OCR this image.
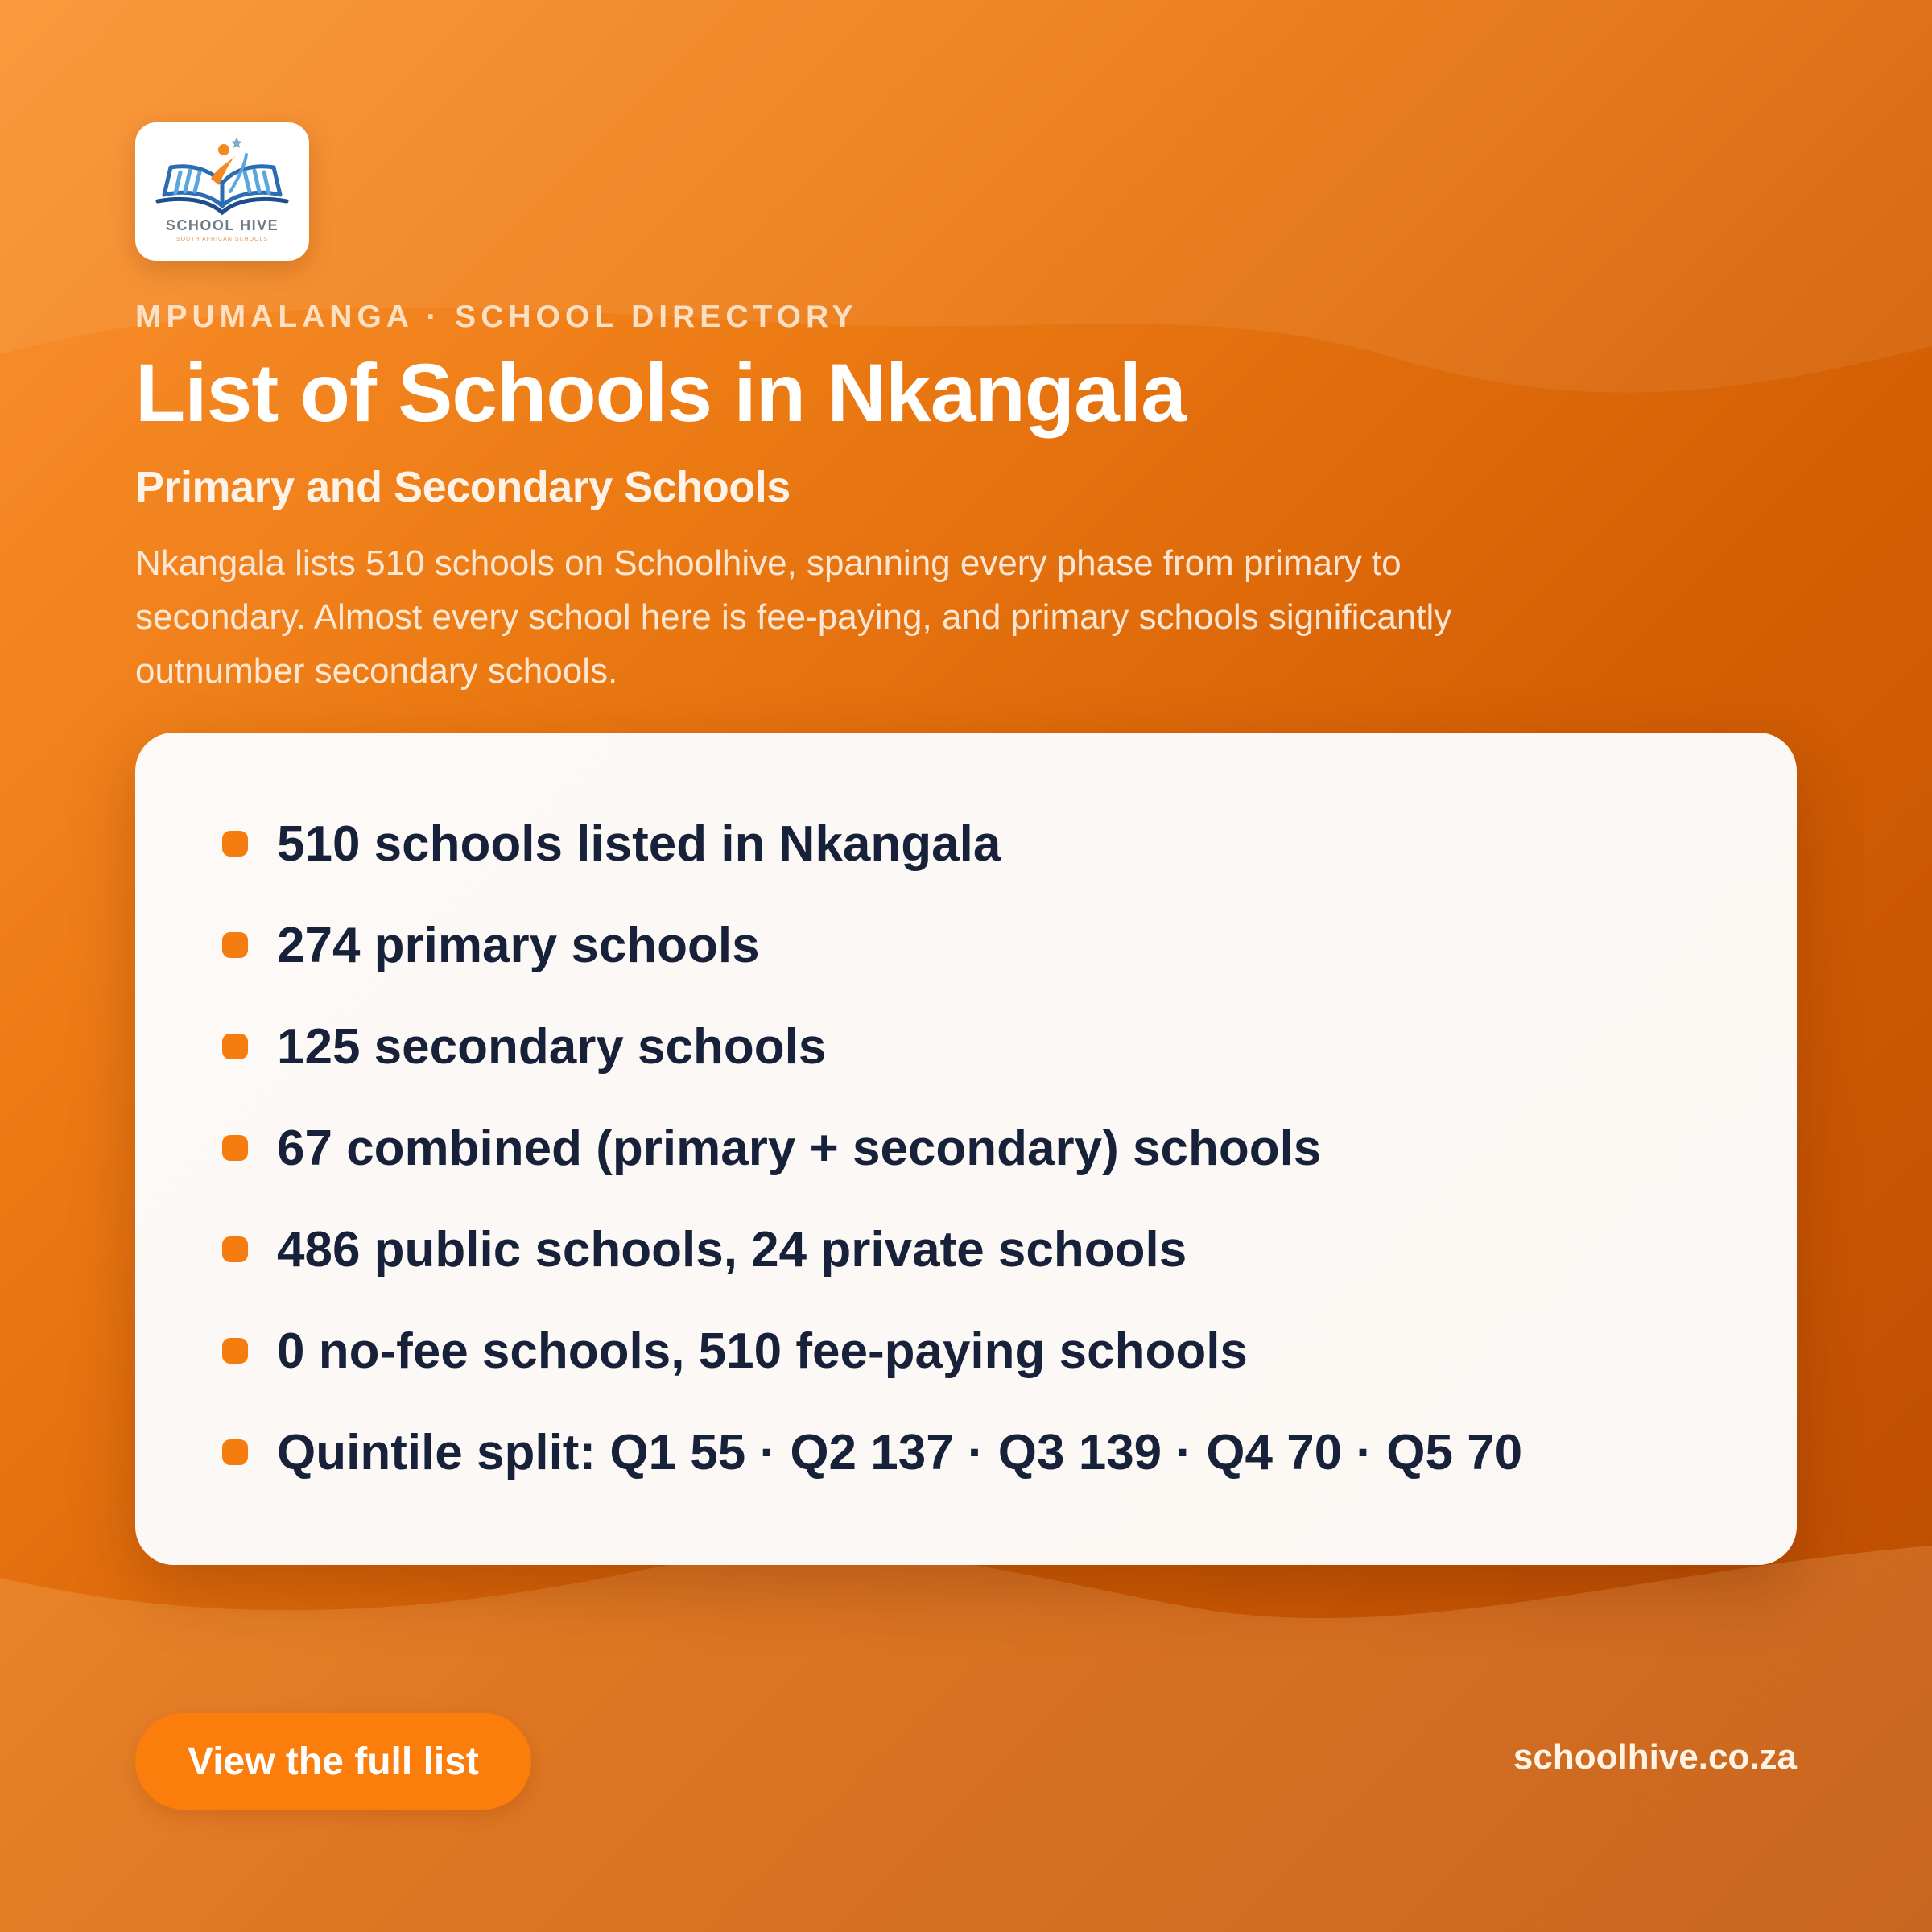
SCHOOL HIVE
SOUTH AFRICAN SCHOOLS
MPUMALANGA · SCHOOL DIRECTORY
List of Schools in Nkangala
Primary and Secondary Schools

Nkangala lists 510 schools on Schoolhive, spanning every phase from primary to secondary. Almost every school here is fee-paying, and primary schools significantly outnumber secondary schools.

510 schools listed in Nkangala
274 primary schools
125 secondary schools
67 combined (primary + secondary) schools
486 public schools, 24 private schools
0 no-fee schools, 510 fee-paying schools
Quintile split: Q1 55 · Q2 137 · Q3 139 · Q4 70 · Q5 70
View the full list	schoolhive.co.za
